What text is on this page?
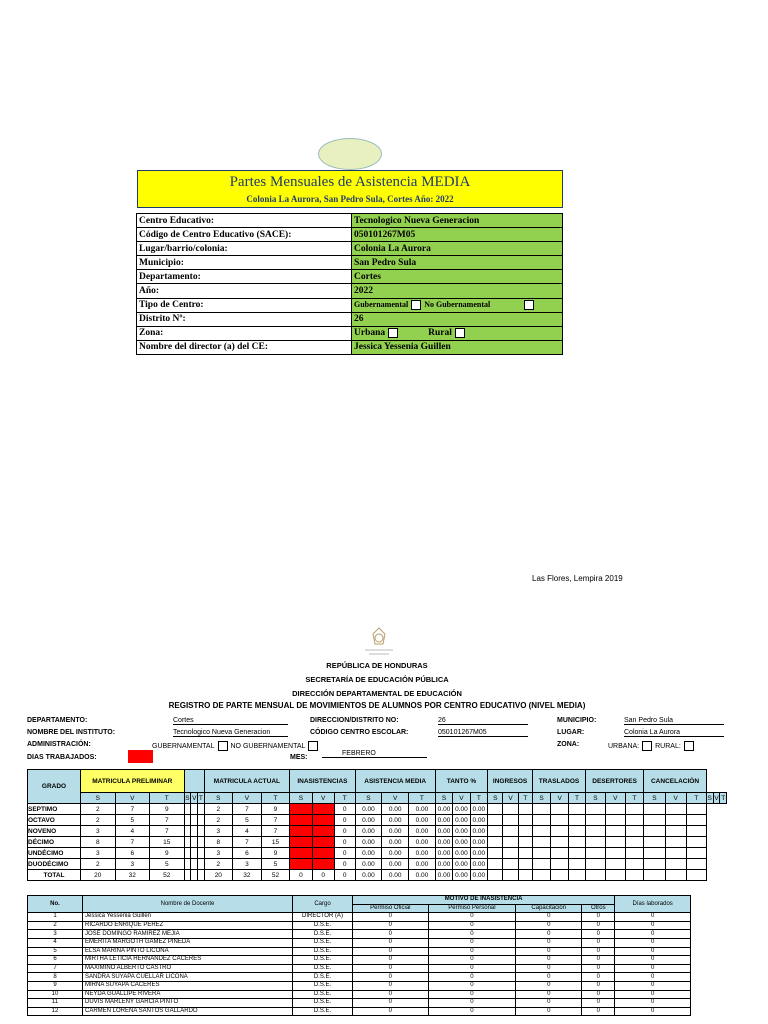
Partes Mensuales de Asistencia MEDIA
Colonia La Aurora, San Pedro Sula, Cortes Año: 2022
Centro Educativo:	Tecnologico Nueva Generacion
Código de Centro Educativo (SACE):	050101267M05
Lugar/barrio/colonia:	Colonia La Aurora
Municipio:	San Pedro Sula
Departamento:	Cortes
Año:	2022
Tipo de Centro:	Gubernamental No Gubernamental
Distrito Nº:	26
Zona:	Urbana Rural
Nombre del director (a) del CE:	Jessica Yessenia Guillen
Las Flores, Lempira 2019
REPÚBLICA DE HONDURAS
SECRETARÍA DE EDUCACIÓN PÚBLICA
DIRECCIÓN DEPARTAMENTAL DE EDUCACIÓN
REGISTRO DE PARTE MENSUAL DE MOVIMIENTOS DE ALUMNOS POR CENTRO EDUCATIVO (NIVEL MEDIA)
DEPARTAMENTO:	Cortes
NOMBRE DEL INSTITUTO:	Tecnologico Nueva Generacion
ADMINISTRACIÓN:	GUBERNAMENTAL NO GUBERNAMENTAL
DIAS TRABAJADOS:
DIRECCION/DISTRITO NO:	26
CÓDIGO CENTRO ESCOLAR:	050101267M05
MES:
FEBRERO
MUNICIPIO:	San Pedro Sula
LUGAR:	Colonia La Aurora
ZONA:	URBANA: RURAL:
GRADO	MATRICULA PRELIMINAR						MATRICULA ACTUAL			INASISTENCIAS			ASISTENCIA MEDIA			TANTO %			INGRESOS			TRASLADOS			DESERTORES			CANCELACIÓN					
	S	V	T	S	V	T	S	V	T	S	V	T	S	V	T	S	V	T	S	V	T	S	V	T	S	V	T	S	V	T	S	V	T
SEPTIMO	2	7	9				2	7	9			0	0.00	0.00	0.00	0.00	0.00	0.00															
OCTAVO	2	5	7				2	5	7			0	0.00	0.00	0.00	0.00	0.00	0.00															
NOVENO	3	4	7				3	4	7			0	0.00	0.00	0.00	0.00	0.00	0.00															
DÉCIMO	8	7	15				8	7	15			0	0.00	0.00	0.00	0.00	0.00	0.00															
UNDÉCIMO	3	6	9				3	6	9			0	0.00	0.00	0.00	0.00	0.00	0.00															
DUODÉCIMO	2	3	5				2	3	5			0	0.00	0.00	0.00	0.00	0.00	0.00															
TOTAL	20	32	52				20	32	52	0	0	0	0.00	0.00	0.00	0.00	0.00	0.00															
No.	Nombre de Docente	Cargo	MOTIVO DE INASISTENCIA				Días laborados
			Permiso Oficial	Permiso Personal	Capacitación	Otros	
1	Jessica Yessenia Guillen	DIRECTOR (A)	0	0	0	0	0
2	RICARDO ENRIQUE PEREZ	D.S.E.	0	0	0	0	0
3	JOSE DOMINGO RAMIREZ MEJIA	D.S.E.	0	0	0	0	0
4	EMERITA MARGOTH GAMEZ PINEDA	D.S.E.	0	0	0	0	0
5	ELSA MARINA PINTO LICONA	D.S.E.	0	0	0	0	0
6	MIRTHA LETICIA HERNANDEZ CACERES	D.S.E.	0	0	0	0	0
7	MAXIMINO ALBERTO CASTRO	D.S.E.	0	0	0	0	0
8	SANDRA SUYAPA CUELLAR LICONA	D.S.E.	0	0	0	0	0
9	MIRNA SUYAPA CACERES	D.S.E.	0	0	0	0	0
10	NEYDA GUALLIPE RIVERA	D.S.E.	0	0	0	0	0
11	DUVIS MARLENY GARCIA PINTO	D.S.E.	0	0	0	0	0
12	CARMEN LORENA SANTOS GALLARDO	D.S.E.	0	0	0	0	0
